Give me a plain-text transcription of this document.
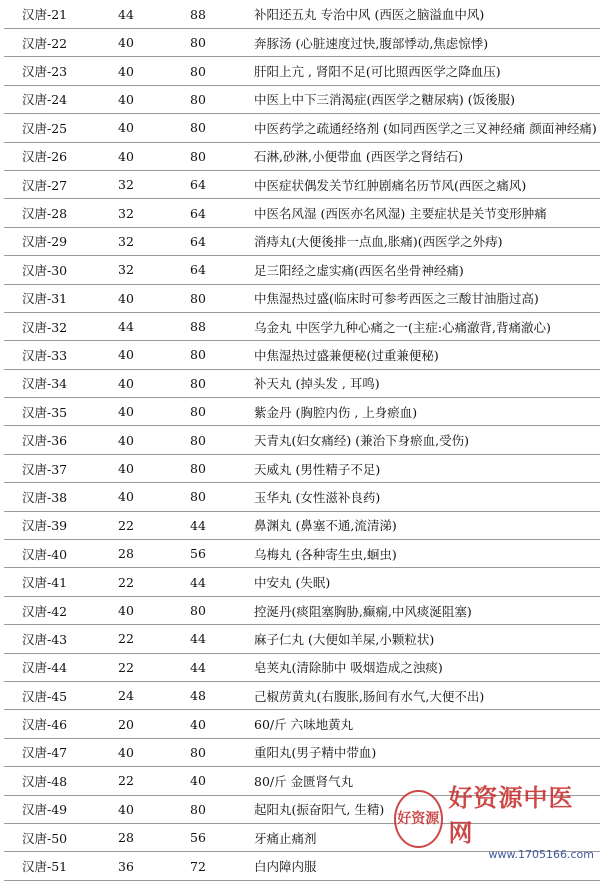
汉唐-21	44	88	补阳还五丸 专治中风 (西医之脑溢血中风)
汉唐-22	40	80	奔豚汤 (心脏速度过快,腹部悸动,焦虑惊悸)
汉唐-23	40	80	肝阳上亢 , 肾阳不足(可比照西医学之降血压)
汉唐-24	40	80	中医上中下三消渴症(西医学之糖尿病) (饭後服)
汉唐-25	40	80	中医药学之疏通经络剂 (如同西医学之三叉神经痛 颜面神经痛)
汉唐-26	40	80	石淋,砂淋,小便带血 (西医学之肾结石)
汉唐-27	32	64	中医症状偶发关节红肿剧痛名历节风(西医之痛风)
汉唐-28	32	64	中医名风湿 (西医亦名风湿) 主要症状是关节变形肿痛
汉唐-29	32	64	消痔丸(大便後排一点血,胀痛)(西医学之外痔)
汉唐-30	32	64	足三阳经之虚实痛(西医名坐骨神经痛)
汉唐-31	40	80	中焦湿热过盛(临床时可参考西医之三酸甘油脂过高)
汉唐-32	44	88	乌金丸 中医学九种心痛之一(主症:心痛澈背,背痛澈心)
汉唐-33	40	80	中焦湿热过盛兼便秘(过重兼便秘)
汉唐-34	40	80	补天丸 (掉头发 , 耳鸣)
汉唐-35	40	80	紫金丹 (胸腔内伤 , 上身瘀血)
汉唐-36	40	80	天青丸(妇女痛经) (兼治下身瘀血,受伤)
汉唐-37	40	80	天威丸 (男性精子不足)
汉唐-38	40	80	玉华丸 (女性滋补良药)
汉唐-39	22	44	鼻渊丸 (鼻塞不通,流清涕)
汉唐-40	28	56	乌梅丸 (各种寄生虫,蛔虫)
汉唐-41	22	44	中安丸 (失眠)
汉唐-42	40	80	控涎丹(痰阻塞胸胁,癫痫,中风痰涎阻塞)
汉唐-43	22	44	麻子仁丸 (大便如羊屎,小颗粒状)
汉唐-44	22	44	皂荚丸(清除肺中 吸烟造成之浊痰)
汉唐-45	24	48	己椒苈黄丸(右腹胀,肠间有水气,大便不出)
汉唐-46	20	40	60/斤 六味地黄丸
汉唐-47	40	80	重阳丸(男子精中带血)
汉唐-48	22	40	80/斤 金匮肾气丸
汉唐-49	40	80	起阳丸(振奋阳气, 生精)
汉唐-50	28	56	牙痛止痛剂
汉唐-51	36	72	白内障内服
好资源
好资源中医网
www.1705166.com
